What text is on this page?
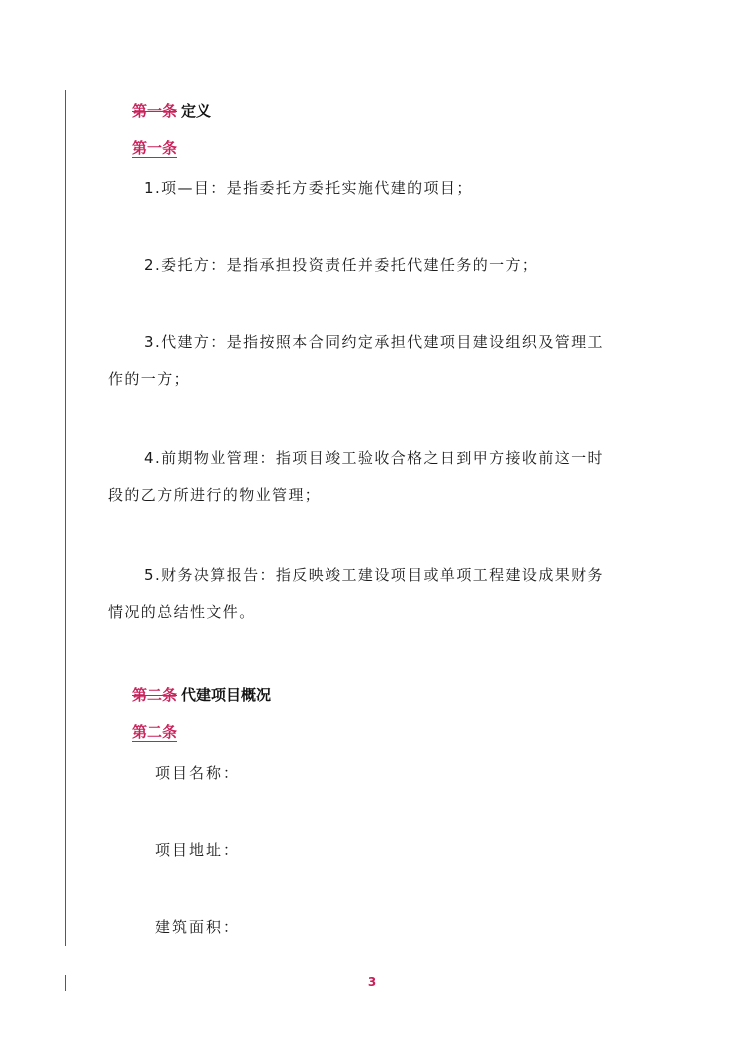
第一条 定义
第一条
1.项—目：是指委托方委托实施代建的项目；
2.委托方：是指承担投资责任并委托代建任务的一方；
3.代建方：是指按照本合同约定承担代建项目建设组织及管理工
作的一方；
4.前期物业管理：指项目竣工验收合格之日到甲方接收前这一时
段的乙方所进行的物业管理；
5.财务决算报告：指反映竣工建设项目或单项工程建设成果财务
情况的总结性文件。
第二条 代建项目概况
第二条
项目名称：
项目地址：
建筑面积：
3
